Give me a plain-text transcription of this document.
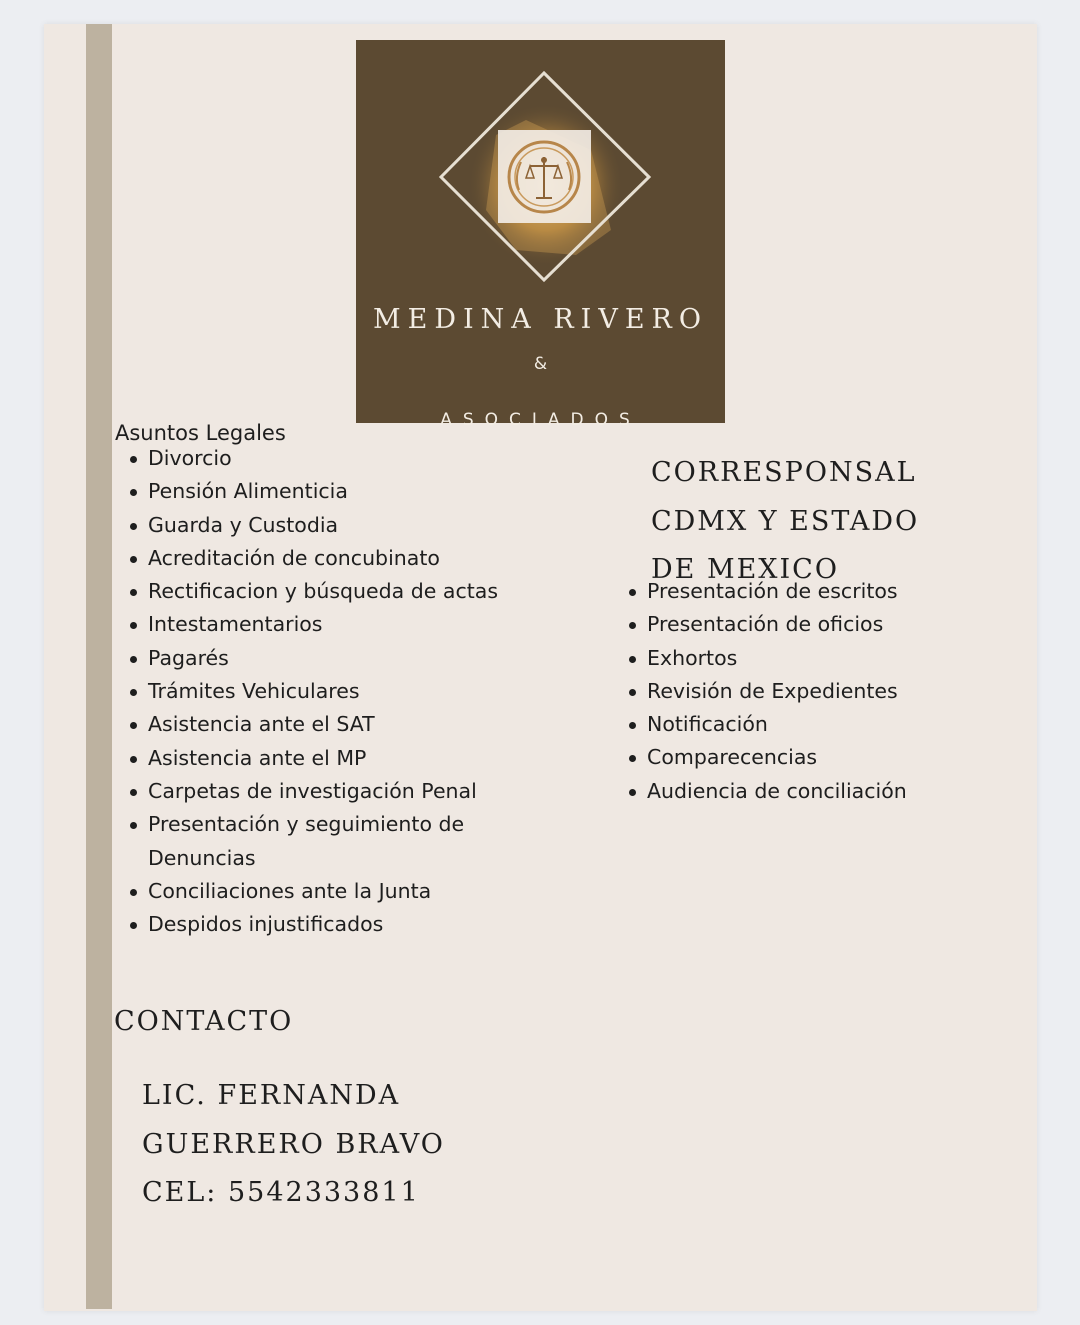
MEDINA RIVERO
&
ASOCIADOS
Asuntos Legales
Divorcio
Pensión Alimenticia
Guarda y Custodia
Acreditación de concubinato
Rectificacion y búsqueda de actas
Intestamentarios
Pagarés
Trámites Vehiculares
Asistencia ante el SAT
Asistencia ante el MP
Carpetas de investigación Penal
Presentación y seguimiento de Denuncias
Conciliaciones ante la Junta
Despidos injustificados
CORRESPONSAL
CDMX Y ESTADO
DE MEXICO
Presentación de escritos
Presentación de oficios
Exhortos
Revisión de Expedientes
Notificación
Comparecencias
Audiencia de conciliación
CONTACTO
LIC. FERNANDA
GUERRERO BRAVO
CEL: 5542333811
